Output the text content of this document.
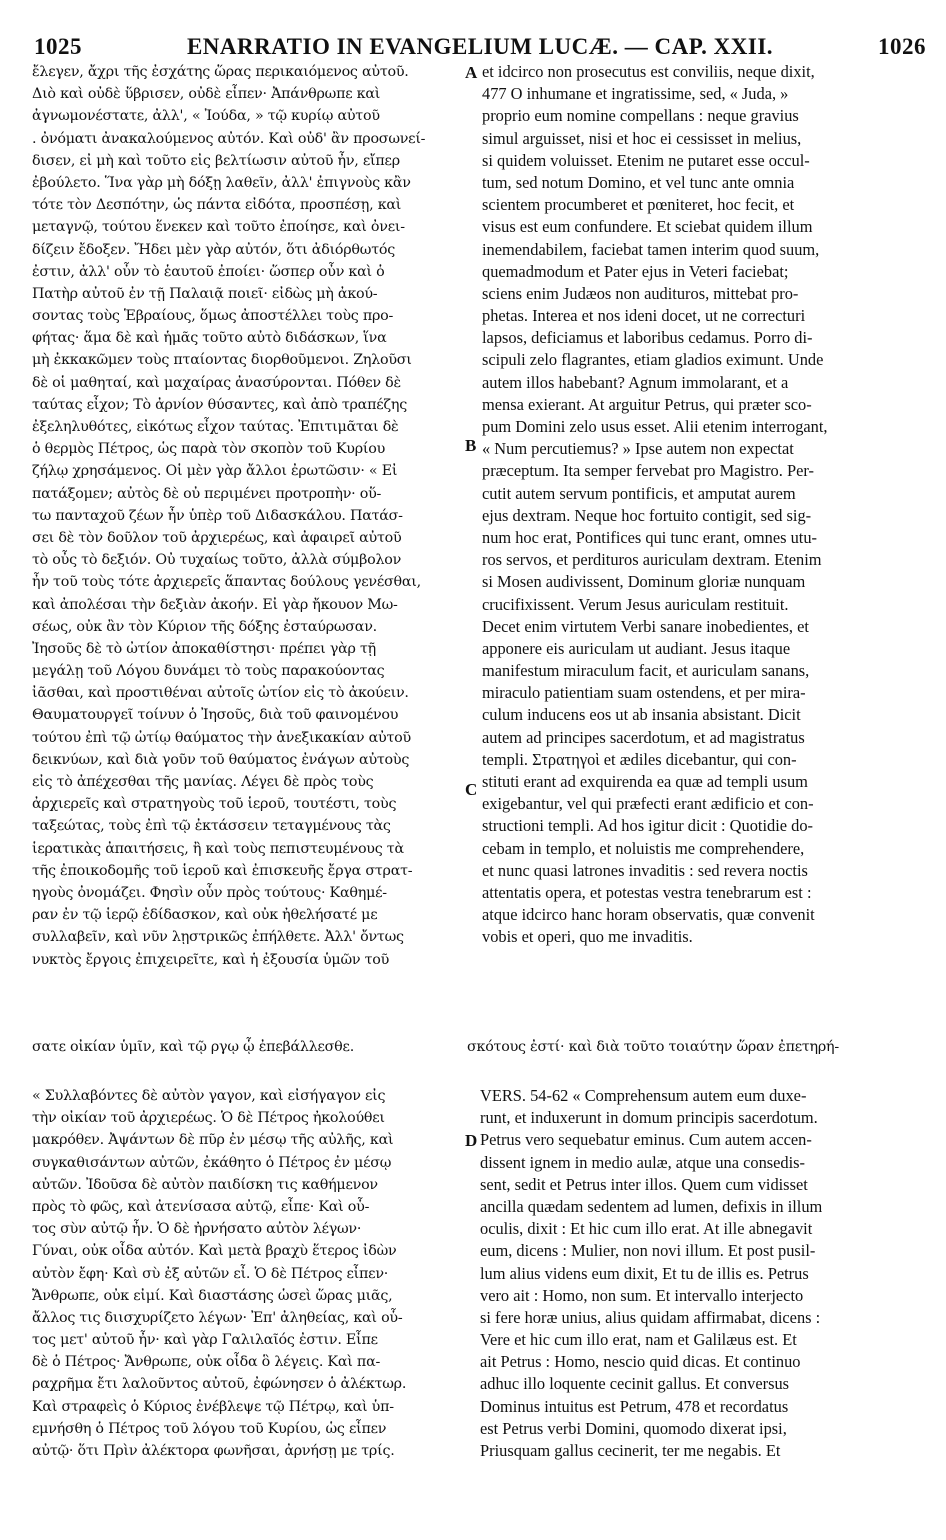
1025	ENARRATIO IN EVANGELIUM LUCÆ. — CAP. XXII.	1026
ἔλεγεν, ἄχρι τῆς ἐσχάτης ὥρας περικαιόμενος αὐτοῦ.
Διὸ καὶ οὐδὲ ὕβρισεν, οὐδὲ εἶπεν· Ἀπάνθρωπε καὶ
ἀγνωμονέστατε, ἀλλ', « Ἰούδα, » τῷ κυρίῳ αὐτοῦ
. ὀνόματι ἀνακαλούμενος αὐτόν. Καὶ οὐδ' ἂν προσωνεί-
δισεν, εἰ μὴ καὶ τοῦτο εἰς βελτίωσιν αὐτοῦ ἦν, εἴπερ
ἐβούλετο. Ἵνα γὰρ μὴ δόξῃ λαθεῖν, ἀλλ' ἐπιγνοὺς κἂν
τότε τὸν Δεσπότην, ὡς πάντα εἰδότα, προσπέσῃ, καὶ
μεταγνῷ, τούτου ἕνεκεν καὶ τοῦτο ἐποίησε, καὶ ὀνει-
δίζειν ἔδοξεν. Ἤδει μὲν γὰρ αὐτόν, ὅτι ἀδιόρθωτός
ἐστιν, ἀλλ' οὖν τὸ ἑαυτοῦ ἐποίει· ὥσπερ οὖν καὶ ὁ
Πατὴρ αὐτοῦ ἐν τῇ Παλαιᾷ ποιεῖ· εἰδὼς μὴ ἀκού-
σοντας τοὺς Ἑβραίους, ὅμως ἀποστέλλει τοὺς προ-
φήτας· ἅμα δὲ καὶ ἡμᾶς τοῦτο αὐτὸ διδάσκων, ἵνα
μὴ ἐκκακῶμεν τοὺς πταίοντας διορθοῦμενοι. Ζηλοῦσι
δὲ οἱ μαθηταί, καὶ μαχαίρας ἀνασύρονται. Πόθεν δὲ
ταύτας εἶχον; Τὸ ἀρνίον θύσαντες, καὶ ἀπὸ τραπέζης
ἐξεληλυθότες, εἰκότως εἶχον ταύτας. Ἐπιτιμᾶται δὲ
ὁ θερμὸς Πέτρος, ὡς παρὰ τὸν σκοπὸν τοῦ Κυρίου
ζήλῳ χρησάμενος. Οἱ μὲν γὰρ ἄλλοι ἐρωτῶσιν· « Εἰ
πατάξομεν; αὐτὸς δὲ οὐ περιμένει προτροπὴν· οὕ-
τω πανταχοῦ ζέων ἦν ὑπὲρ τοῦ Διδασκάλου. Πατάσ-
σει δὲ τὸν δοῦλον τοῦ ἀρχιερέως, καὶ ἀφαιρεῖ αὐτοῦ
τὸ οὖς τὸ δεξιόν. Οὐ τυχαίως τοῦτο, ἀλλὰ σύμβολον
ἦν τοῦ τοὺς τότε ἀρχιερεῖς ἅπαντας δούλους γενέσθαι,
καὶ ἀπολέσαι τὴν δεξιὰν ἀκοήν. Εἰ γὰρ ἤκουον Μω-
σέως, οὐκ ἂν τὸν Κύριον τῆς δόξης ἐσταύρωσαν.
Ἰησοῦς δὲ τὸ ὠτίον ἀποκαθίστησι· πρέπει γὰρ τῇ
μεγάλῃ τοῦ Λόγου δυνάμει τὸ τοὺς παρακούοντας
ἰᾶσθαι, καὶ προστιθέναι αὐτοῖς ὠτίον εἰς τὸ ἀκούειν.
Θαυματουργεῖ τοίνυν ὁ Ἰησοῦς, διὰ τοῦ φαινομένου
τούτου ἐπὶ τῷ ὠτίῳ θαύματος τὴν ἀνεξικακίαν αὐτοῦ
δεικνύων, καὶ διὰ γοῦν τοῦ θαύματος ἐνάγων αὐτοὺς
εἰς τὸ ἀπέχεσθαι τῆς μανίας. Λέγει δὲ πρὸς τοὺς
ἀρχιερεῖς καὶ στρατηγοὺς τοῦ ἱεροῦ, τουτέστι, τοὺς
ταξεώτας, τοὺς ἐπὶ τῷ ἐκτάσσειν τεταγμένους τὰς
ἱερατικὰς ἀπαιτήσεις, ἢ καὶ τοὺς πεπιστευμένους τὰ
τῆς ἐποικοδομῆς τοῦ ἱεροῦ καὶ ἐπισκευῆς ἔργα στρατ-
ηγοὺς ὀνομάζει. Φησὶν οὖν πρὸς τούτους· Καθημέ-
ραν ἐν τῷ ἱερῷ ἐδίδασκον, καὶ οὐκ ἠθελήσατέ με
συλλαβεῖν, καὶ νῦν λῃστρικῶς ἐπήλθετε. Ἀλλ' ὄντως
νυκτὸς ἔργοις ἐπιχειρεῖτε, καὶ ἡ ἐξουσία ὑμῶν τοῦ
et idcirco non prosecutus est conviliis, neque dixit,
477 O inhumane et ingratissime, sed, « Juda, »
proprio eum nomine compellans : neque gravius
simul arguisset, nisi et hoc ei cessisset in melius,
si quidem voluisset. Etenim ne putaret esse occul-
tum, sed notum Domino, et vel tunc ante omnia
scientem procumberet et pœniteret, hoc fecit, et
visus est eum confundere. Et sciebat quidem illum
inemendabilem, faciebat tamen interim quod suum,
quemadmodum et Pater ejus in Veteri faciebat;
sciens enim Judæos non audituros, mittebat pro-
phetas. Interea et nos ideni docet, ut ne correcturi
lapsos, deficiamus et laboribus cedamus. Porro di-
scipuli zelo flagrantes, etiam gladios eximunt. Unde
autem illos habebant? Agnum immolarant, et a
mensa exierant. At arguitur Petrus, qui præter sco-
pum Domini zelo usus esset. Alii etenim interrogant,
« Num percutiemus? » Ipse autem non expectat
præceptum. Ita semper fervebat pro Magistro. Per-
cutit autem servum pontificis, et amputat aurem
ejus dextram. Neque hoc fortuito contigit, sed sig-
num hoc erat, Pontifices qui tunc erant, omnes utu-
ros servos, et perdituros auriculam dextram. Etenim
si Mosen audivissent, Dominum gloriæ nunquam
crucifixissent. Verum Jesus auriculam restituit.
Decet enim virtutem Verbi sanare inobedientes, et
apponere eis auriculam ut audiant. Jesus itaque
manifestum miraculum facit, et auriculam sanans,
miraculo patientiam suam ostendens, et per mira-
culum inducens eos ut ab insania absistant. Dicit
autem ad principes sacerdotum, et ad magistratus
templi. Στρατηγοὶ et ædiles dicebantur, qui con-
stituti erant ad exquirenda ea quæ ad templi usum
exigebantur, vel qui præfecti erant ædificio et con-
structioni templi. Ad hos igitur dicit : Quotidie do-
cebam in templo, et noluistis me comprehendere,
et nunc quasi latrones invaditis : sed revera noctis
attentatis opera, et potestas vestra tenebrarum est :
atque idcirco hanc horam observatis, quæ convenit
vobis et operi, quo me invaditis.
A
B
C
D
σατε οἰκίαν ὑμῖν, καὶ τῷ ργῳ ᾧ ἐπεβάλλεσθε.	σκότους ἐστί· καὶ διὰ τοῦτο τοιαύτην ὥραν ἐπετηρή-
« Συλλαβόντες δὲ αὐτὸν γαγον, καὶ εἰσήγαγον εἰς
τὴν οἰκίαν τοῦ ἀρχιερέως. Ὁ δὲ Πέτρος ἠκολούθει
μακρόθεν. Ἀψάντων δὲ πῦρ ἐν μέσῳ τῆς αὐλῆς, καὶ
συγκαθισάντων αὐτῶν, ἐκάθητο ὁ Πέτρος ἐν μέσῳ
αὐτῶν. Ἰδοῦσα δὲ αὐτὸν παιδίσκη τις καθήμενον
πρὸς τὸ φῶς, καὶ ἀτενίσασα αὐτῷ, εἶπε· Καὶ οὗ-
τος σὺν αὐτῷ ἦν. Ὁ δὲ ἠρνήσατο αὐτὸν λέγων·
Γύναι, οὐκ οἶδα αὐτόν. Καὶ μετὰ βραχὺ ἕτερος ἰδὼν
αὐτὸν ἔφη· Καὶ σὺ ἐξ αὐτῶν εἶ. Ὁ δὲ Πέτρος εἶπεν·
Ἄνθρωπε, οὐκ εἰμί. Καὶ διαστάσης ὡσεὶ ὥρας μιᾶς,
ἄλλος τις διισχυρίζετο λέγων· Ἐπ' ἀληθείας, καὶ οὗ-
τος μετ' αὐτοῦ ἦν· καὶ γὰρ Γαλιλαῖός ἐστιν. Εἶπε
δὲ ὁ Πέτρος· Ἄνθρωπε, οὐκ οἶδα ὃ λέγεις. Καὶ πα-
ραχρῆμα ἔτι λαλοῦντος αὐτοῦ, ἐφώνησεν ὁ ἀλέκτωρ.
Καὶ στραφεὶς ὁ Κύριος ἐνέβλεψε τῷ Πέτρῳ, καὶ ὑπ-
εμνήσθη ὁ Πέτρος τοῦ λόγου τοῦ Κυρίου, ὡς εἶπεν
αὐτῷ· ὅτι Πρὶν ἀλέκτορα φωνῆσαι, ἀρνήσῃ με τρίς.
VERS. 54-62 « Comprehensum autem eum duxe-
runt, et induxerunt in domum principis sacerdotum.
Petrus vero sequebatur eminus. Cum autem accen-
dissent ignem in medio aulæ, atque una consedis-
sent, sedit et Petrus inter illos. Quem cum vidisset
ancilla quædam sedentem ad lumen, defixis in illum
oculis, dixit : Et hic cum illo erat. At ille abnegavit
eum, dicens : Mulier, non novi illum. Et post pusil-
lum alius videns eum dixit, Et tu de illis es. Petrus
vero ait : Homo, non sum. Et intervallo interjecto
si fere horæ unius, alius quidam affirmabat, dicens :
Vere et hic cum illo erat, nam et Galilæus est. Et
ait Petrus : Homo, nescio quid dicas. Et continuo
adhuc illo loquente cecinit gallus. Et conversus
Dominus intuitus est Petrum, 478 et recordatus
est Petrus verbi Domini, quomodo dixerat ipsi,
Priusquam gallus cecinerit, ter me negabis. Et
